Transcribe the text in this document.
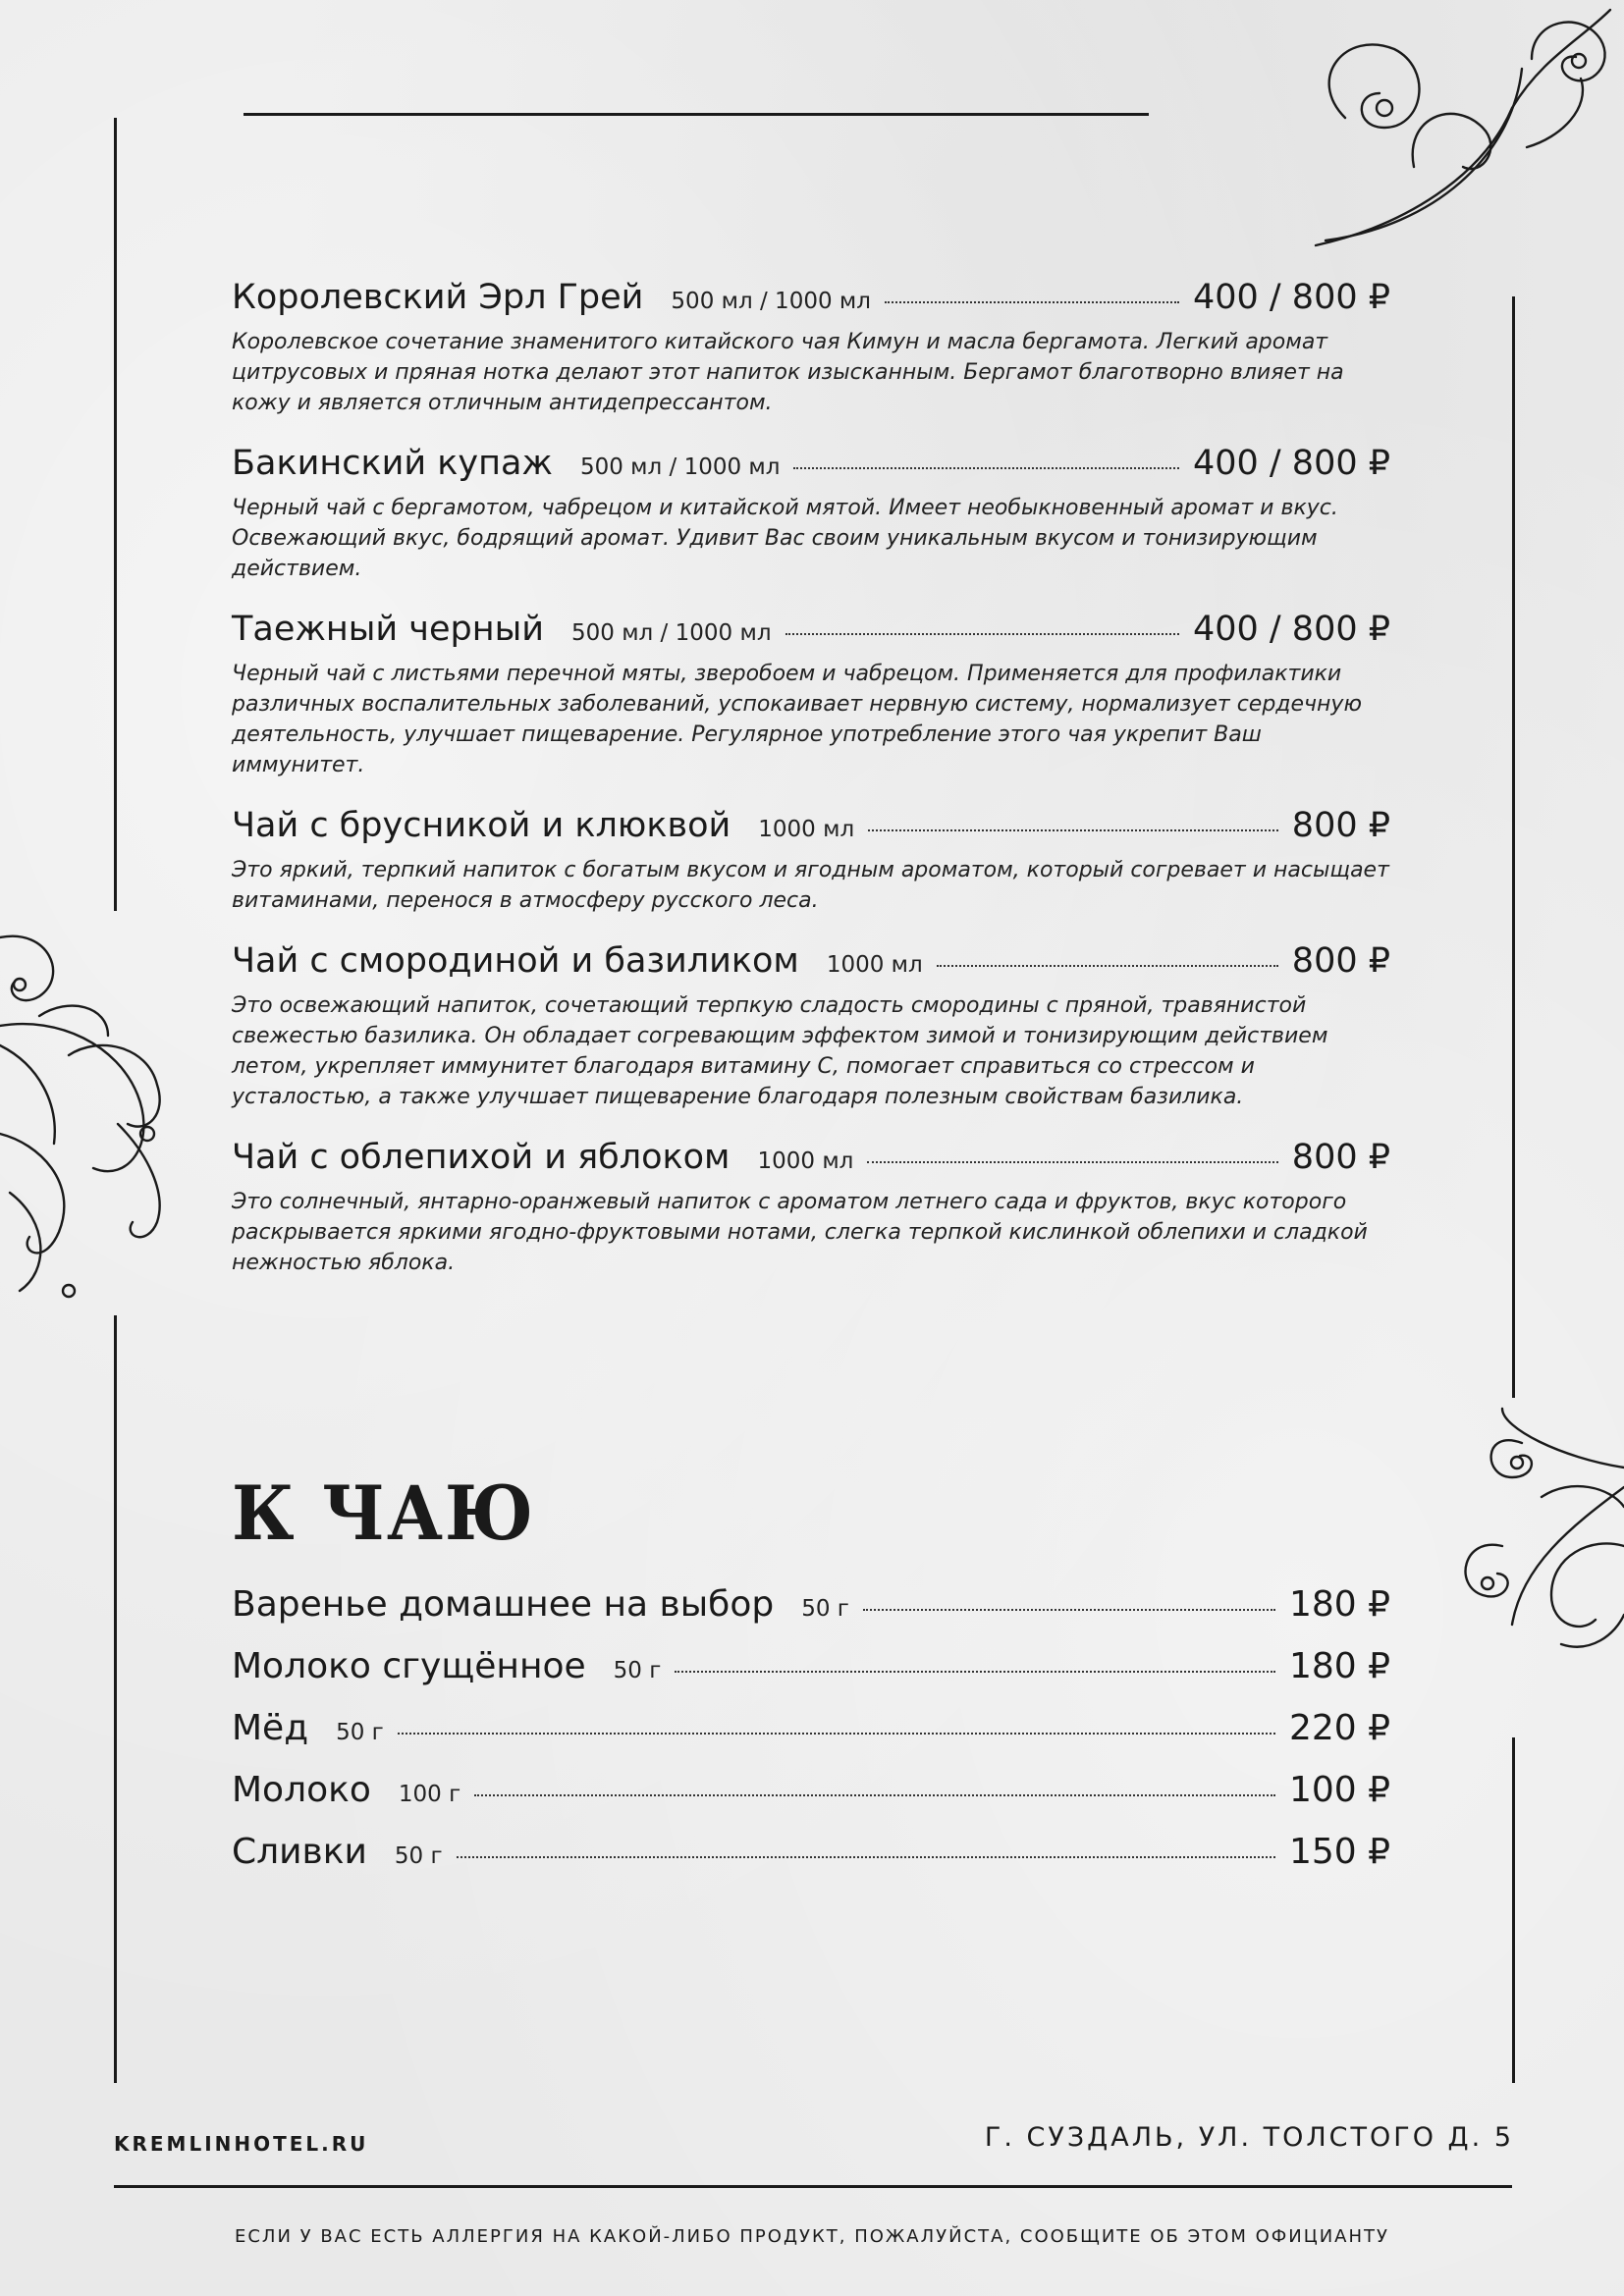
Королевский Эрл Грей 500 мл / 1000 мл	400 / 800 ₽
Королевское сочетание знаменитого китайского чая Кимун и масла бергамота. Легкий аромат цитрусовых и пряная нотка делают этот напиток изысканным. Бергамот благотворно влияет на кожу и является отличным антидепрессантом.
Бакинский купаж 500 мл / 1000 мл	400 / 800 ₽
Черный чай с бергамотом, чабрецом и китайской мятой. Имеет необыкновенный аромат и вкус. Освежающий вкус, бодрящий аромат. Удивит Вас своим уникальным вкусом и тонизирующим действием.
Таежный черный 500 мл / 1000 мл	400 / 800 ₽
Черный чай с листьями перечной мяты, зверобоем и чабрецом. Применяется для профилактики различных воспалительных заболеваний, успокаивает нервную систему, нормализует сердечную деятельность, улучшает пищеварение. Регулярное употребление этого чая укрепит Ваш иммунитет.
Чай с брусникой и клюквой 1000 мл	800 ₽
Это яркий, терпкий напиток с богатым вкусом и ягодным ароматом, который согревает и насыщает витаминами, перенося в атмосферу русского леса.
Чай с смородиной и базиликом 1000 мл	800 ₽
Это освежающий напиток, сочетающий терпкую сладость смородины с пряной, травянистой свежестью базилика. Он обладает согревающим эффектом зимой и тонизирующим действием летом, укрепляет иммунитет благодаря витамину C, помогает справиться со стрессом и усталостью, а также улучшает пищеварение благодаря полезным свойствам базилика.
Чай с облепихой и яблоком 1000 мл	800 ₽
Это солнечный, янтарно-оранжевый напиток с ароматом летнего сада и фруктов, вкус которого раскрывается яркими ягодно-фруктовыми нотами, слегка терпкой кислинкой облепихи и сладкой нежностью яблока.
К ЧАЮ
Варенье домашнее на выбор 50 г	180 ₽
Молоко сгущённое 50 г	180 ₽
Мёд 50 г	220 ₽
Молоко 100 г	100 ₽
Сливки 50 г	150 ₽
KREMLINHOTEL.RU	Г. СУЗДАЛЬ, УЛ. ТОЛСТОГО Д. 5
ЕСЛИ У ВАС ЕСТЬ АЛЛЕРГИЯ НА КАКОЙ-ЛИБО ПРОДУКТ, ПОЖАЛУЙСТА, СООБЩИТЕ ОБ ЭТОМ ОФИЦИАНТУ
